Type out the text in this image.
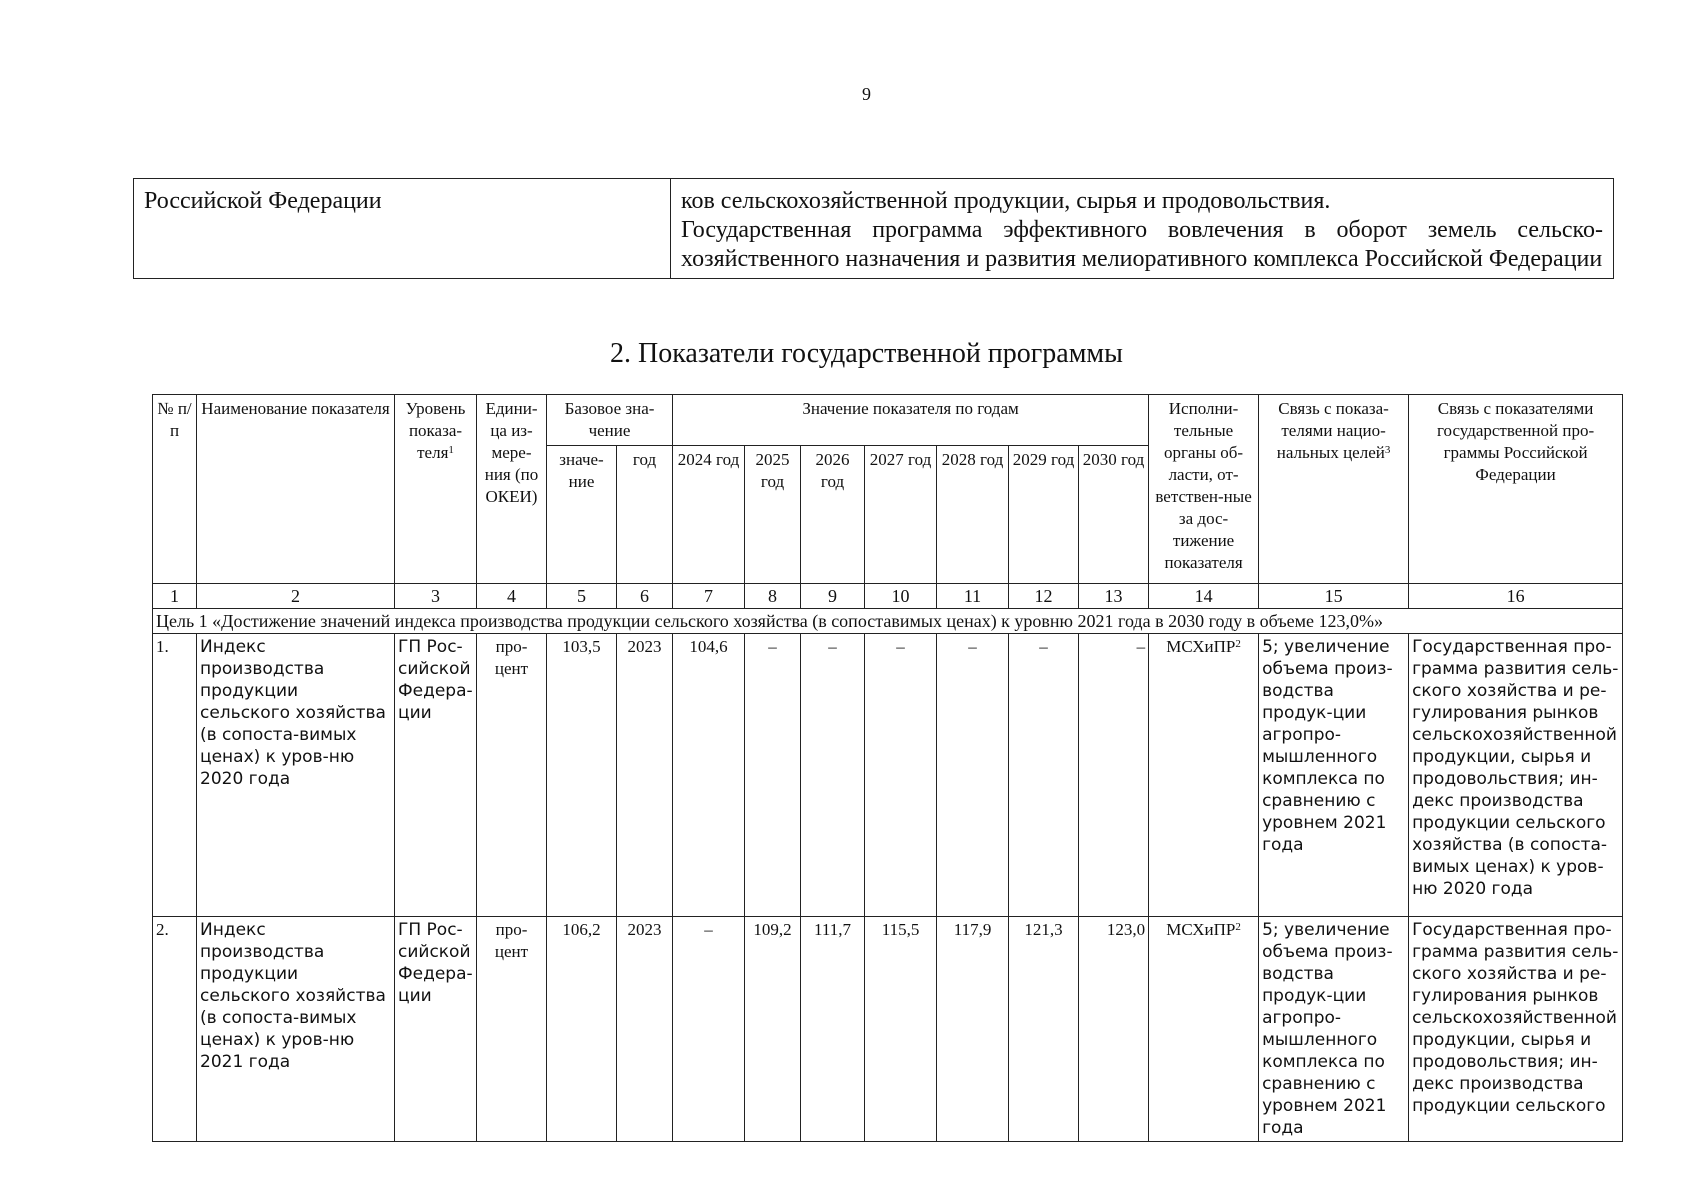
9
Российской Федерации	ков сельскохозяйственной продукции, сырья и продовольствия.
Государственная программа эффективного вовлечения в оборот земель сельско-хозяйственного назначения и развития мелиоративного комплекса Российской Федерации
2. Показатели государственной программы
№ п/п	Наименование показателя	Уровень показа-теля$^1$	Едини-ца из-мере-ния (по ОКЕИ)	Базовое зна-чение		Значение показателя по годам							Исполни-тельные органы об-ласти, от-ветствен-ные за дос-тижение показателя	Связь с показа-телями нацио-нальных целей$^3$	Связь с показателями государственной про-граммы Российской Федерации
				значе-ние	год	2024 год	2025 год	2026 год	2027 год	2028 год	2029 год	2030 год			
1	2	3	4	5	6	7	8	9	10	11	12	13	14	15	16
Цель 1 «Достижение значений индекса производства продукции сельского хозяйства (в сопоставимых ценах) к уровню 2021 года в 2030 году в объеме 123,0%»															
1.	Индекс производства продукции сельского хозяйства (в сопоста-вимых ценах) к уров-ню 2020 года	ГП Рос-сийской Федера-ции	про-цент	103,5	2023	104,6	–	–	–	–	–	–	МСХиПР$^2$	5; увеличение объема произ-водства продук-ции агропро-мышленного комплекса по сравнению с уровнем 2021 года	Государственная про-грамма развития сель-ского хозяйства и ре-гулирования рынков сельскохозяйственной продукции, сырья и продовольствия; ин-декс производства продукции сельского хозяйства (в сопоста-вимых ценах) к уров-ню 2020 года
2.	Индекс производства продукции сельского хозяйства (в сопоста-вимых ценах) к уров-ню 2021 года	ГП Рос-сийской Федера-ции	про-цент	106,2	2023	–	109,2	111,7	115,5	117,9	121,3	123,0	МСХиПР$^2$	5; увеличение объема произ-водства продук-ции агропро-мышленного комплекса по сравнению с уровнем 2021 года	Государственная про-грамма развития сель-ского хозяйства и ре-гулирования рынков сельскохозяйственной продукции, сырья и продовольствия; ин-декс производства продукции сельского
